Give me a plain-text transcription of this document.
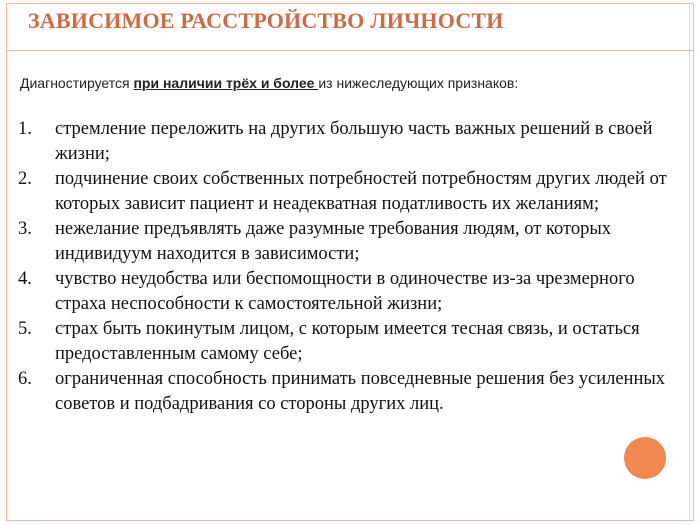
ЗАВИСИМОЕ РАССТРОЙСТВО ЛИЧНОСТИ

Диагностируется при наличии трёх и более из нижеследующих признаков:

1.	стремление переложить на других большую часть важных решений в своей жизни;
2.	подчинение своих собственных потребностей потребностям других людей от которых зависит пациент и неадекватная податливость их желаниям;
3.	нежелание предъявлять даже разумные требования людям, от которых индивидуум находится в зависимости;
4.	чувство неудобства или беспомощности в одиночестве из-за чрезмерного страха неспособности к самостоятельной жизни;
5.	страх быть покинутым лицом, с которым имеется тесная связь, и остаться предоставленным самому себе;
6.	ограниченная способность принимать повседневные решения без усиленных советов и подбадривания со стороны других лиц.
